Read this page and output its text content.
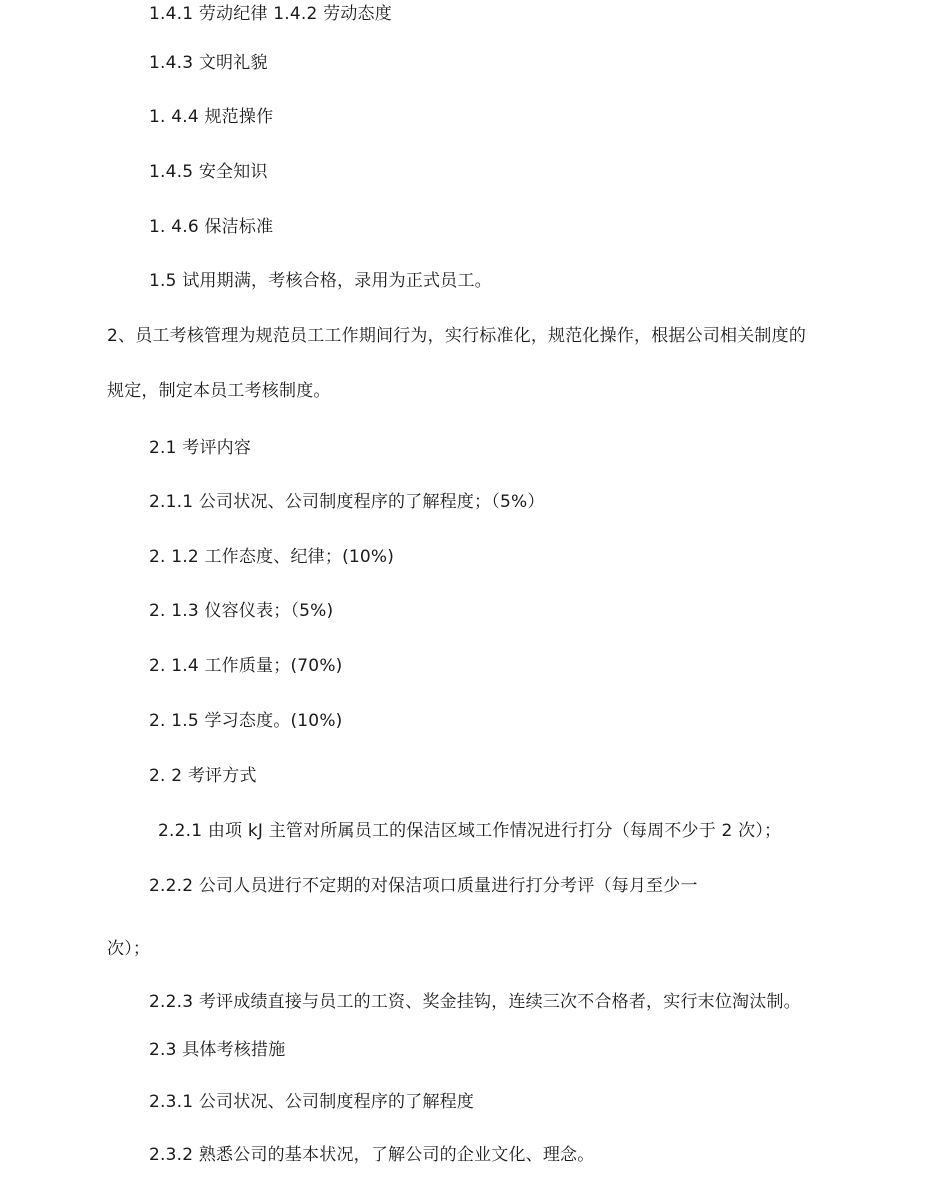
1.4.1 劳动纪律 1.4.2 劳动态度
1.4.3 文明礼貌
1. 4.4 规范操作
1.4.5 安全知识
1. 4.6 保洁标准
1.5 试用期满，考核合格，录用为正式员工。
2、员工考核管理为规范员工工作期间行为，实行标准化，规范化操作，根据公司相关制度的
规定，制定本员工考核制度。
2.1 考评内容
2.1.1 公司状况、公司制度程序的了解程度；（5%）
2. 1.2 工作态度、纪律；(10%)
2. 1.3 仪容仪表；（5%)
2. 1.4 工作质量；(70%)
2. 1.5 学习态度。(10%)
2. 2 考评方式
2.2.1 由项 kJ 主管对所属员工的保洁区域工作情况进行打分（每周不少于 2 次）；
2.2.2 公司人员进行不定期的对保洁项口质量进行打分考评（每月至少一
次）；
2.2.3 考评成绩直接与员工的工资、奖金挂钩，连续三次不合格者，实行末位淘汰制。
2.3 具体考核措施
2.3.1 公司状况、公司制度程序的了解程度
2.3.2 熟悉公司的基本状况，了解公司的企业文化、理念。
